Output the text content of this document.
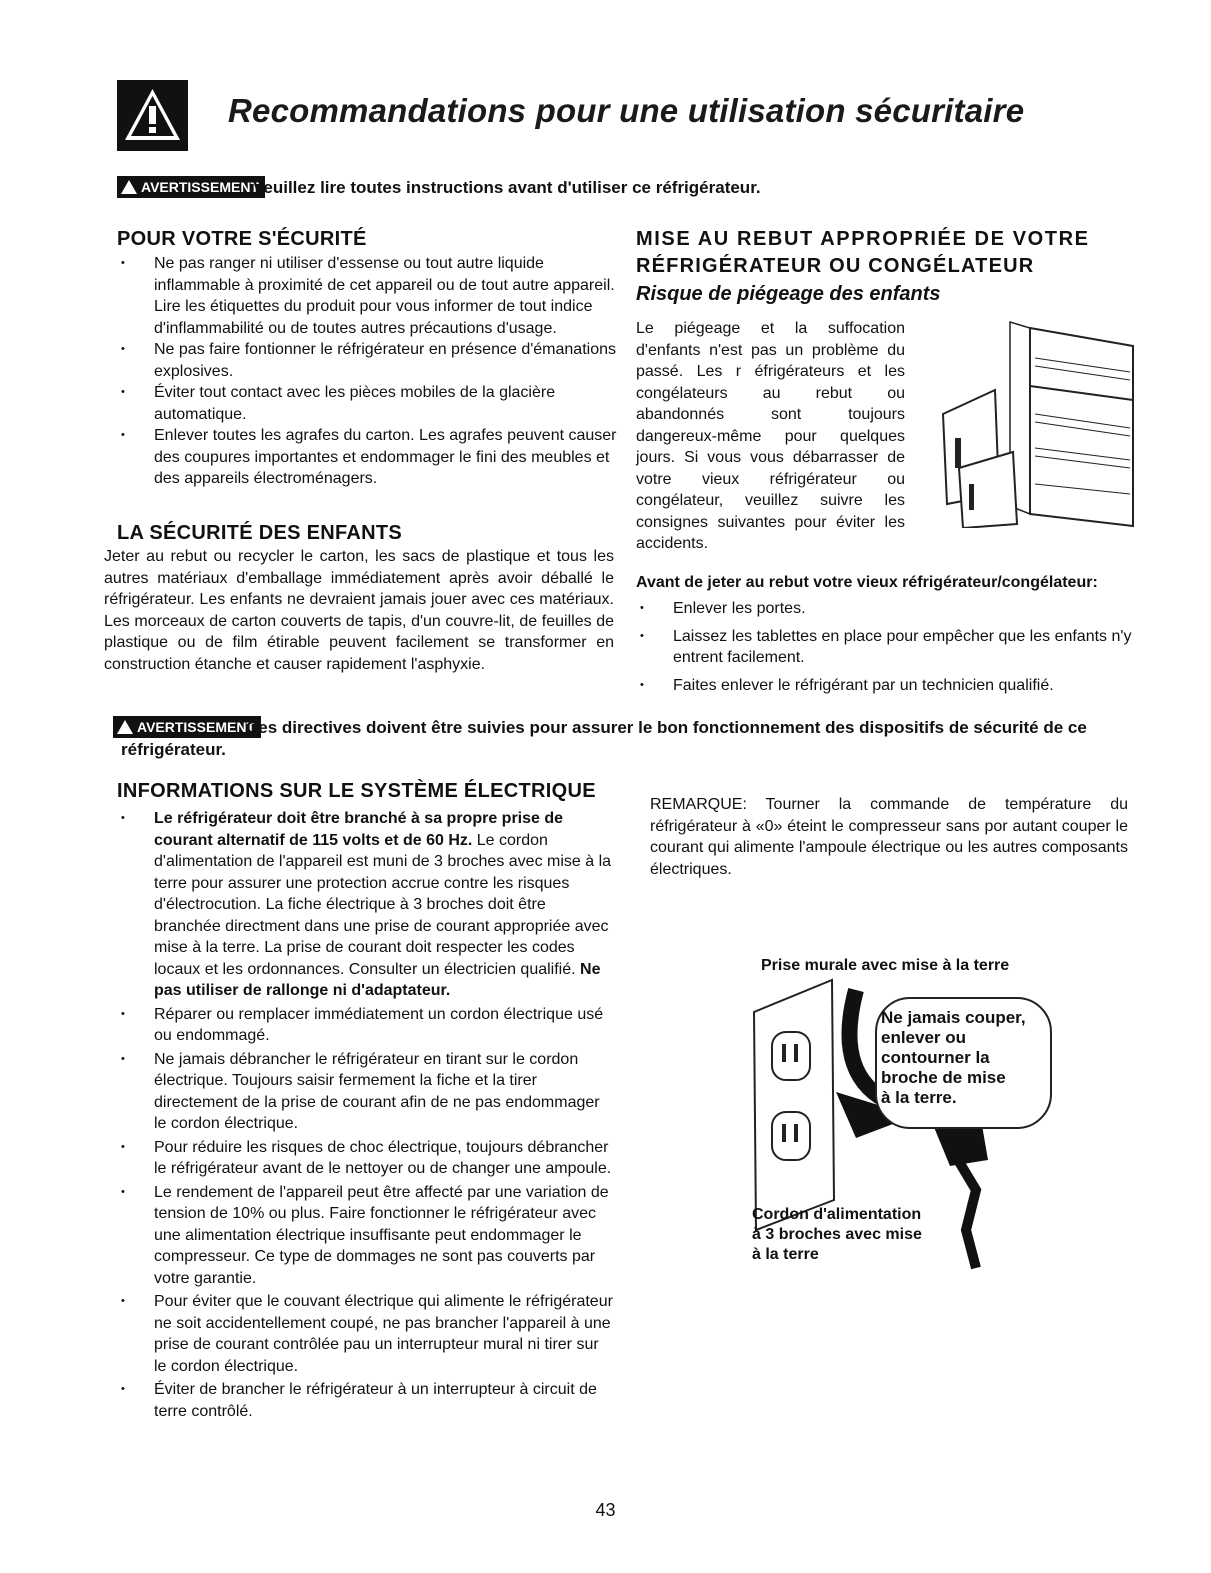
Recommandations pour une utilisation sécuritaire
AVERTISSEMENT
Veuillez lire toutes instructions avant d'utiliser ce réfrigérateur.
POUR VOTRE S'ÉCURITÉ
• Ne pas ranger ni utiliser d'essense ou tout autre liquide inflammable à proximité de cet appareil ou de tout autre appareil. Lire les étiquettes du produit pour vous informer de tout indice d'inflammabilité ou de toutes autres précautions d'usage.
• Ne pas faire fontionner le réfrigérateur en présence d'émanations explosives.
• Éviter tout contact avec les pièces mobiles de la glacière automatique.
• Enlever toutes les agrafes du carton. Les agrafes peuvent causer des coupures importantes et endommager le fini des meubles et des appareils électroménagers.
LA SÉCURITÉ DES ENFANTS
Jeter au rebut ou recycler le carton, les sacs de plastique et tous les autres matériaux d'emballage immédiatement après avoir déballé le réfrigérateur. Les enfants ne devraient jamais jouer avec ces matériaux. Les morceaux de carton couverts de tapis, d'un couvre-lit, de feuilles de plastique ou de film étirable peuvent facilement se transformer en construction étanche et causer rapidement l'asphyxie.
MISE AU REBUT APPROPRIÉE DE VOTRE
RÉFRIGÉRATEUR OU CONGÉLATEUR
Risque de piégeage des enfants
Le piégeage et la suffocation d'enfants n'est pas un problème du passé. Les r éfrigérateurs et les congélateurs au rebut ou abandonnés sont toujours dangereux-même pour quelques jours. Si vous vous débarrasser de votre vieux réfrigérateur ou congélateur, veuillez suivre les consignes suivantes pour éviter les accidents.
Avant de jeter au rebut votre vieux réfrigérateur/congélateur:
• Enlever les portes.
• Laissez les tablettes en place pour empêcher que les enfants n'y entrent facilement.
• Faites enlever le réfrigérant par un technicien qualifié.
AVERTISSEMENT
Ces directives doivent être suivies pour assurer le bon fonctionnement des dispositifs de sécurité de ce
réfrigérateur.
INFORMATIONS SUR LE SYSTÈME ÉLECTRIQUE
• Le réfrigérateur doit être branché à sa propre prise de courant alternatif de 115 volts et de 60 Hz. Le cordon d'alimentation de l'appareil est muni de 3 broches avec mise à la terre pour assurer une protection accrue contre les risques d'électrocution. La fiche électrique à 3 broches doit être branchée directment dans une prise de courant appropriée avec mise à la terre. La prise de courant doit respecter les codes locaux et les ordonnances. Consulter un électricien qualifié. Ne pas utiliser de rallonge ni d'adaptateur.
• Réparer ou remplacer immédiatement un cordon électrique usé ou endommagé.
• Ne jamais débrancher le réfrigérateur en tirant sur le cordon électrique. Toujours saisir fermement la fiche et la tirer directement de la prise de courant afin de ne pas endommager le cordon électrique.
• Pour réduire les risques de choc électrique, toujours débrancher le réfrigérateur avant de le nettoyer ou de changer une ampoule.
• Le rendement de l'appareil peut être affecté par une variation de tension de 10% ou plus. Faire fonctionner le réfrigérateur avec une alimentation électrique insuffisante peut endommager le compresseur. Ce type de dommages ne sont pas couverts par votre garantie.
• Pour éviter que le couvant électrique qui alimente le réfrigérateur ne soit accidentellement coupé, ne pas brancher l'appareil à une prise de courant contrôlée pau un interrupteur mural ni tirer sur le cordon électrique.
• Éviter de brancher le réfrigérateur à un interrupteur à circuit de terre contrôlé.
REMARQUE: Tourner la commande de température du réfrigérateur à «0» éteint le compresseur sans por autant couper le courant qui alimente l'ampoule électrique ou les autres composants électriques.
Prise murale avec mise à la terre
Ne jamais couper,
enlever ou
contourner la
broche de mise
à la terre.
Cordon d'alimentation
à 3 broches avec mise
à la terre
43
